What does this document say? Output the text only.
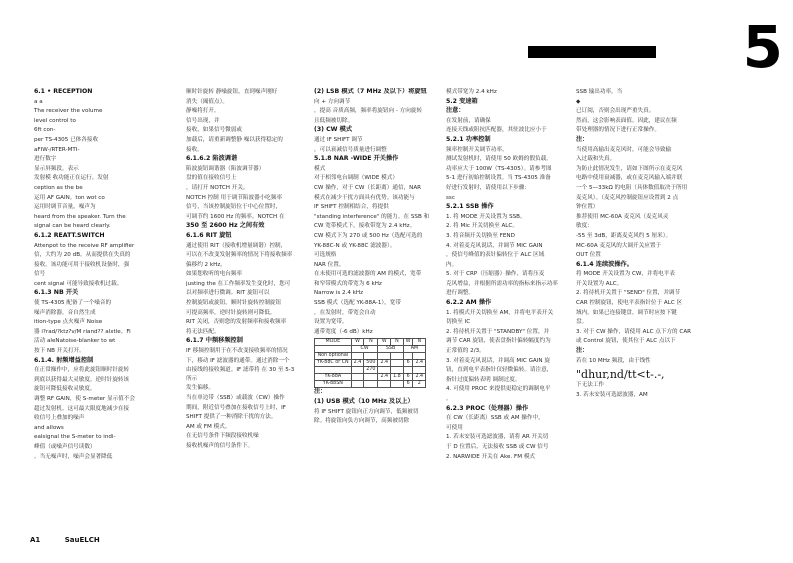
5

6.1 • RECEPTION

a a

The receiver the volume

level control to

6ft con-

per TS-4305 已体各接收

aFIW-/RTER-MTI-

进行数字

显示屏频段。表示

发射模 收功能正在运行。发射

ception as the be

运用 AF GAIN。ton wot co

运用时调节音量，噪声为

heard from the speaker. Turn the

signal can be heard clearly.

6.1.2 REATT.SWITCH

Attenpot to the receive RF amplifier

信，大约为 20 dB。从而提供在失真的

接收。该功能可用于接收机设备时，强

信号

cent signal 可能导致接收机过载。

6.1.3 NB 开关

使 TS-4305 配备了一个噪音的

噪声消除器，音自然生成

ition-type 点火噪声 Noise

器 i?rad/?ktz?v/M riand?? alxtle。Fi

活动 aleNatoise-blanker to wt

按下 NB 开关打开。

6.1.4. 射频增益控制

在正常操作中，应将此旋钮顺时针旋转

到底以获得最大灵敏度。逆时针旋转该

旋钮可降低接收灵敏度。

调整 RF GAIN，使 S-meter 显示值不会

超过发射机。这可最大限度地减少在接

收信号上叠加的噪声

and allows

ealsignal the S-meter to indi-

峰值（或噪声信号读数）

。当无噪声时，噪声会显著降低

顺时针旋转 静噪旋钮，直到噪声刚好

消失（阈值点）。

静噪将打开。

信号出现，并

接收，如果信号微弱或

加载后，请重新调整静 噪以获得稳定的

接收。

6.1.6.2 陷波调谐

陷波旋钮调谐器（陷波调节器）

盘的值在接收信号上

，请打开 NOTCH 开关。

NOTCH 控制 用于调节陷波器小吃频率

信号，当该控制旋钮位于中心位置时，

可调节约 1600 Hz 的频率。NOTCH 在

350 至 2600 Hz 之间有效

6.1.6 RIT 旋钮

通过使用 RIT（接收机增量调谐）控制，

可以在不改变发射频率的情况下将接收频率

偏移约 2 kHz。

如果您收听的电台频率

justing the 在工作频率发生变化时，您可

以对频率进行微调。RIT 旋钮可以

控制旋钮或旋钮，顺时针旋转控制旋钮

可提高频率，逆时针旋转则可降低。

RIT 关闭，否则您的发射频率和接收频率

将无法匹配。

6.1.7 中频移频控制

IF 移频控制用于在不改变接收频率的情况

下，移动 IF 滤波器的通带。通过消除一个

由接线的接收频道。IF 滤带将 在 30 至 5-3 所示

发生偏移。

当在单边带（SSB）或载波（CW）操作

期间，附近信号叠加在接收信号上时，IF

SHIFT 提供了一种消除干扰的方法。

AM 或 FM 模式。

在无信号条件下频段接收机噪

接收机噪声的信号条件下。

(2) LSB 模式（7 MHz 及以下）将旋钮

向 + 方向调节

，提高 音质高频，频率将旋钮向 - 方向旋转

且低频被切除。

(3) CW 模式

通过 IF SHIFT 调节

，可以衰减信号质量进行调整

5.1.8 NAR -WIDE 开关操作

模式

对于相邻电台调制（WIDE 模式）

CW 操作，对于 CW（长距离）通信，NAR

模式在减少干扰方面具有优势。该功能与

IF SHIFT 控制相结合，将提供

"standing interference" 的能力。在 SSB 和

CW 宽带模式下，接收带宽为 2.4 kHz。

CW 模式下为 270 或 500 Hz（选配可选的

YK-88C-N 或 YK-88C 滤波器）。

可选规格

NAR 位置。

在未使用可选的滤波器的 AM 的模式，宽带

和窄带模式的带宽为 6 kHz

Narrow is 2.4 kHz

SSB 模式（选配 YK-88A-1），宽带

，在发射时，带宽会自动

设置为宽带。

通带宽度（-6 dB）kHz

MODE	W	N	W	N	W	N
	CW		SSB		AM	
Non optional						
YK-88C or CN	2.4	500	2.4		6	2.4
		270				
YK-88A			2.4	1.8	6	2.4
YK-88SN					6	2

注：

(1) USB 模式（10 MHz 及以上）

将 IF SHIFT 旋钮向正方向调节，低频被切

除。将旋钮向负方向调节，高频被切除

模式带宽为 2.4 kHz

5.2 变速箱

注意：

在发射前，请确保

连接天线或阻抗匹配器，其驻波比应小于

5.2.1 功率控制

频率控制开关调节功率。

测试发射机时，请使用 50 欧姆的假负载。

功率应大于 100W（TS-4305）。请参考图

5-1 进行初始控制设置。当 TS-4305 准备

好进行发射时，请使用以下步骤：

ssc

5.2.1 SSB 操作

1. 将 MODE 开关设置为 SSB。

2. 将 Mic 开关切换至 ALC。

3. 将音频开关切换至 FEND

4. 对着麦克风说话，并调节 MIC GAIN

，使信号峰值的表针偏转位于 ALC 区域

内。

5. 对于 CRP（压缩器）操作，请将压麦

克风增益，并根据所需功率的指标来指示功率

进行调整。

6.2.2 AM 操作

1. 将模式开关切换至 AM，并将电平表开关

切换至 IC

2. 将待机开关置于 "STANDBY" 位置，并

调节 CAR 旋钮，使表盘指针偏转幅度约为

正常值的 2/3。

3. 对着麦克风说话，并调高 MIC GAIN 旋

钮，直到电平表指针仅轻微偏转。请注意，

指针过度偏转表明 调制过度。

4. 可使用 PROC 来提供更稳定的调制电平

。

6.2.3 PROC（处理器）操作

在 CW（长距离）SSB 或 AM 操作中，

可使用

1. 若未安装可选滤波器，请将 AR 开关切

于 D 位置后，无法接收 SSB 或 CW 信号

2. NARWIDE 开关在 Ake. FM 模式

SSB 输出功率。当

◆

已订阅，否则会出现严重失真。

然而，这会影响表面值。因此，建议在频

带处理器的情况下进行正常操作。

注：

当使用高输出麦克风时，可能会导致输

入过载和失真。

为防止此情况发生，请如下图所示在麦克风

电路中使用衰减器，或在麦克风输入端并联

一个 5—33kΩ 的电阻（具体数值取决于所用

麦克风）。（麦克风控制旋钮应设置到 2 点

钟位置）

推荐使用 MC-60A 麦克风（麦克风灵

敏度：

-55 至 3dB，距离麦克风约 5 厘米）。

MC-60A 麦克风的大调开关应置于

OUT 位置

6.1.4 连续波操作。

将 MODE 开关设置为 CW，并将电平表

开关设置为 ALC。

2. 将待机开关置于 "SEND" 位置，并调节

CAR 控制旋钮，使电平表指针位于 ALC 区

域内。如果已连接键盘，调节时应按下键

盘。

3. 对于 CW 操作，请使用 ALC 点下方的 CAR

或 Control 旋钮，使其位于 ALC 点以下

注：

若在 10 MHz 频段，由于线性

"dhur,nd/tt<t-.-,

下无法工作

3. 若未安装可选滤波器，AM

A1	SauELCH
